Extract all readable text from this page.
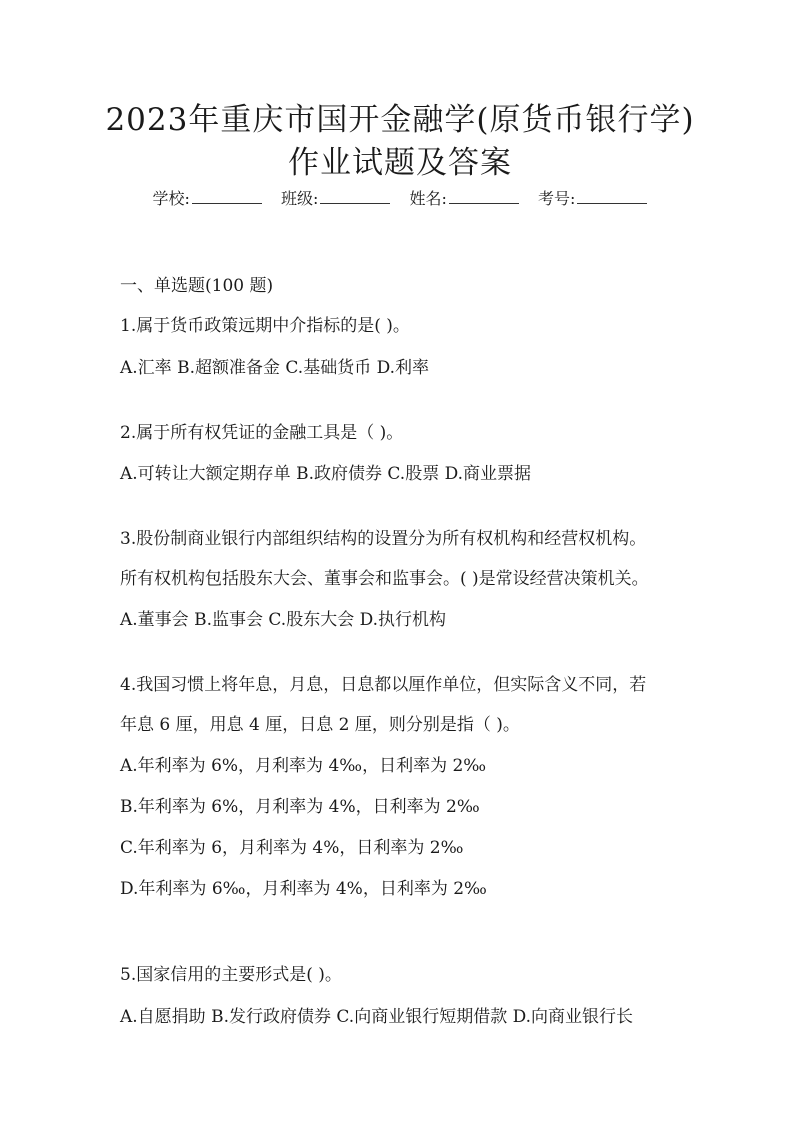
2023年重庆市国开金融学(原货币银行学)
作业试题及答案
学校:	班级:	姓名:	考号:
一、单选题(100 题)
1.属于货币政策远期中介指标的是( )。
A.汇率 B.超额准备金 C.基础货币 D.利率
2.属于所有权凭证的金融工具是（ )。
A.可转让大额定期存单 B.政府债券 C.股票 D.商业票据
3.股份制商业银行内部组织结构的设置分为所有权机构和经营权机构。
所有权机构包括股东大会、董事会和监事会。( )是常设经营决策机关。
A.董事会 B.监事会 C.股东大会 D.执行机构
4.我国习惯上将年息，月息，日息都以厘作单位，但实际含义不同，若
年息 6 厘，用息 4 厘，日息 2 厘，则分别是指（ )。
A.年利率为 6%，月利率为 4‰，日利率为 2‰
B.年利率为 6%，月利率为 4%，日利率为 2‰
C.年利率为 6，月利率为 4%，日利率为 2‰
D.年利率为 6‰，月利率为 4%，日利率为 2‰
5.国家信用的主要形式是( )。
A.自愿捐助 B.发行政府债券 C.向商业银行短期借款 D.向商业银行长
